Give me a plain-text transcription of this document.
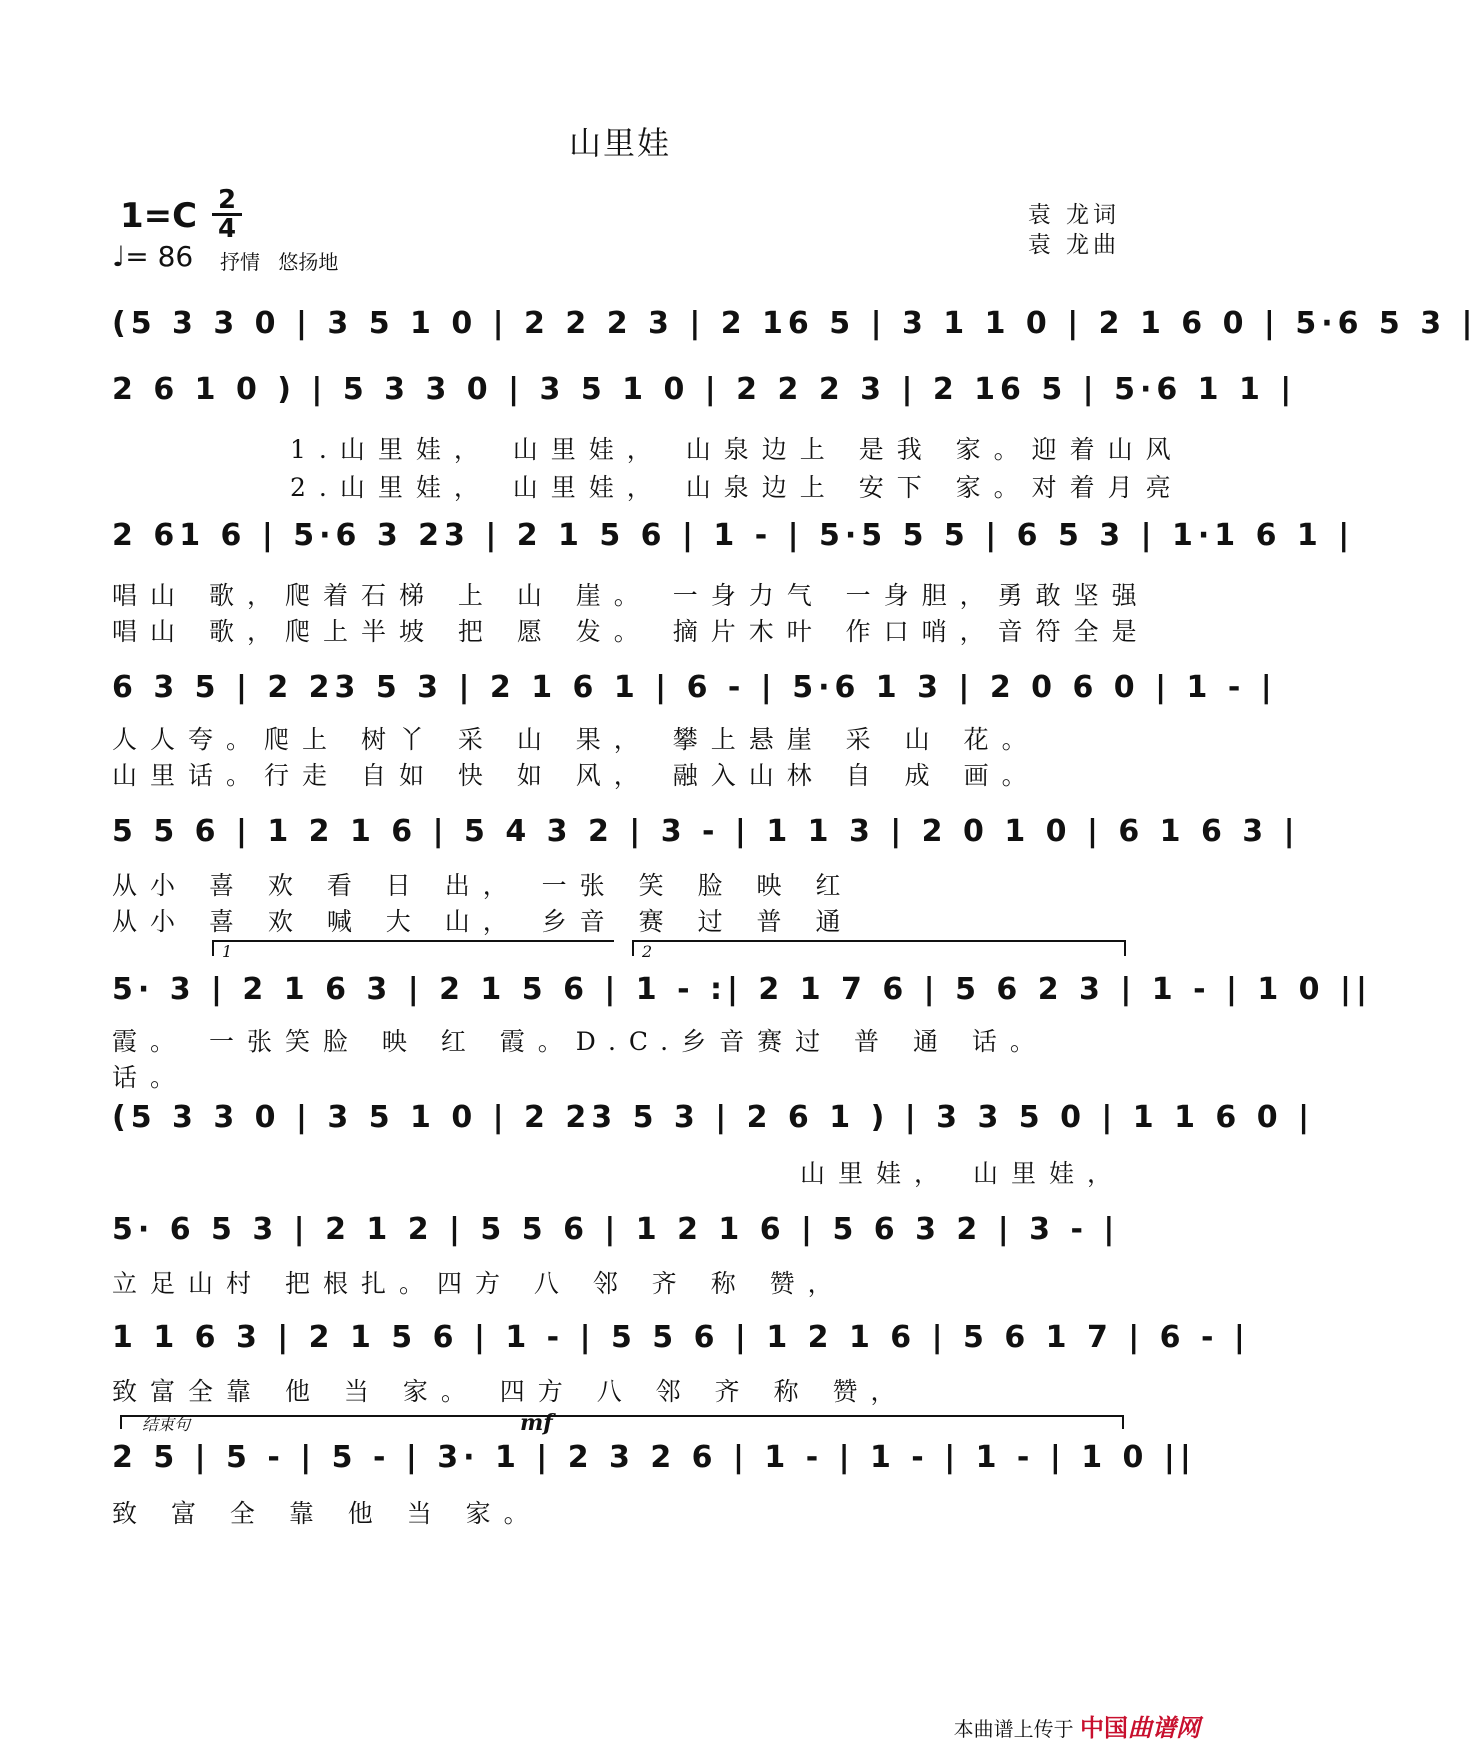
山里娃
1=C 2
4
♩= 86 抒情 悠扬地
袁 龙词
袁 龙曲
(5 3 3 0 | 3 5 1 0 | 2 2 2 3 | 2 16 5 | 3 1 1 0 | 2 1 6 0 | 5·6 5 3 |
2 6 1 0 ) | 5 3 3 0 | 3 5 1 0 | 2 2 2 3 | 2 16 5 | 5·6 1 1 |
1.山里娃， 山里娃， 山泉边上 是我 家。迎着山风
2.山里娃， 山里娃， 山泉边上 安下 家。对着月亮
2 61 6 | 5·6 3 23 | 2 1 5 6 | 1 - | 5·5 5 5 | 6 5 3 | 1·1 6 1 |
唱山 歌，爬着石梯 上 山 崖。 一身力气 一身胆，勇敢坚强
唱山 歌，爬上半坡 把 愿 发。 摘片木叶 作口哨，音符全是
6 3 5 | 2 23 5 3 | 2 1 6 1 | 6 - | 5·6 1 3 | 2 0 6 0 | 1 - |
人人夸。爬上 树丫 采 山 果， 攀上悬崖 采 山 花。
山里话。行走 自如 快 如 风， 融入山林 自 成 画。
5 5 6 | 1 2 1 6 | 5 4 3 2 | 3 - | 1 1 3 | 2 0 1 0 | 6 1 6 3 |
从小 喜 欢 看 日 出， 一张 笑 脸 映 红
从小 喜 欢 喊 大 山， 乡音 赛 过 普 通
1	2
5· 3 | 2 1 6 3 | 2 1 5 6 | 1 - :| 2 1 7 6 | 5 6 2 3 | 1 - | 1 0 ||
霞。 一张笑脸 映 红 霞。D.C.乡音赛过 普 通 话。
话。
(5 3 3 0 | 3 5 1 0 | 2 23 5 3 | 2 6 1 ) | 3 3 5 0 | 1 1 6 0 |
山里娃， 山里娃，
5· 6 5 3 | 2 1 2 | 5 5 6 | 1 2 1 6 | 5 6 3 2 | 3 - |
立足山村 把根扎。四方 八 邻 齐 称 赞，
1 1 6 3 | 2 1 5 6 | 1 - | 5 5 6 | 1 2 1 6 | 5 6 1 7 | 6 - |
致富全靠 他 当 家。 四方 八 邻 齐 称 赞，
结束句	mf
2 5 | 5 - | 5 - | 3· 1 | 2 3 2 6 | 1 - | 1 - | 1 - | 1 0 ||
致 富 全 靠 他 当 家。
本曲谱上传于 中国曲谱网
